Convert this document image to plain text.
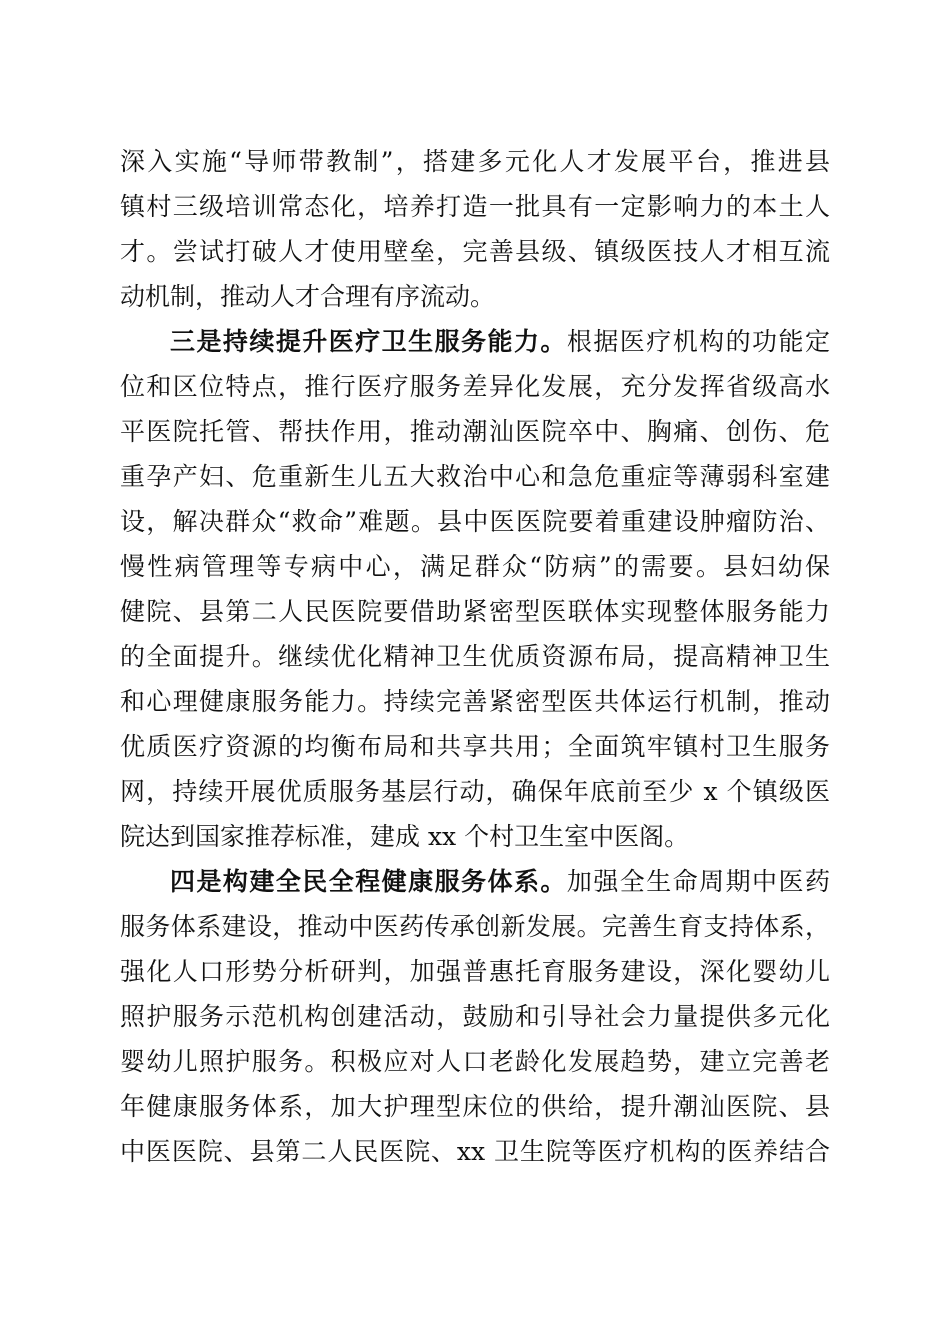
深入实施“导师带教制”，搭建多元化人才发展平台，推进县
镇村三级培训常态化，培养打造一批具有一定影响力的本土人
才。尝试打破人才使用壁垒，完善县级、镇级医技人才相互流
动机制，推动人才合理有序流动。
三是持续提升医疗卫生服务能力。根据医疗机构的功能定
位和区位特点，推行医疗服务差异化发展，充分发挥省级高水
平医院托管、帮扶作用，推动潮汕医院卒中、胸痛、创伤、危
重孕产妇、危重新生儿五大救治中心和急危重症等薄弱科室建
设，解决群众“救命”难题。县中医医院要着重建设肿瘤防治、
慢性病管理等专病中心，满足群众“防病”的需要。县妇幼保
健院、县第二人民医院要借助紧密型医联体实现整体服务能力
的全面提升。继续优化精神卫生优质资源布局，提高精神卫生
和心理健康服务能力。持续完善紧密型医共体运行机制，推动
优质医疗资源的均衡布局和共享共用；全面筑牢镇村卫生服务
网，持续开展优质服务基层行动，确保年底前至少 x 个镇级医
院达到国家推荐标准，建成 xx 个村卫生室中医阁。
四是构建全民全程健康服务体系。加强全生命周期中医药
服务体系建设，推动中医药传承创新发展。完善生育支持体系，
强化人口形势分析研判，加强普惠托育服务建设，深化婴幼儿
照护服务示范机构创建活动，鼓励和引导社会力量提供多元化
婴幼儿照护服务。积极应对人口老龄化发展趋势，建立完善老
年健康服务体系，加大护理型床位的供给，提升潮汕医院、县
中医医院、县第二人民医院、xx 卫生院等医疗机构的医养结合
